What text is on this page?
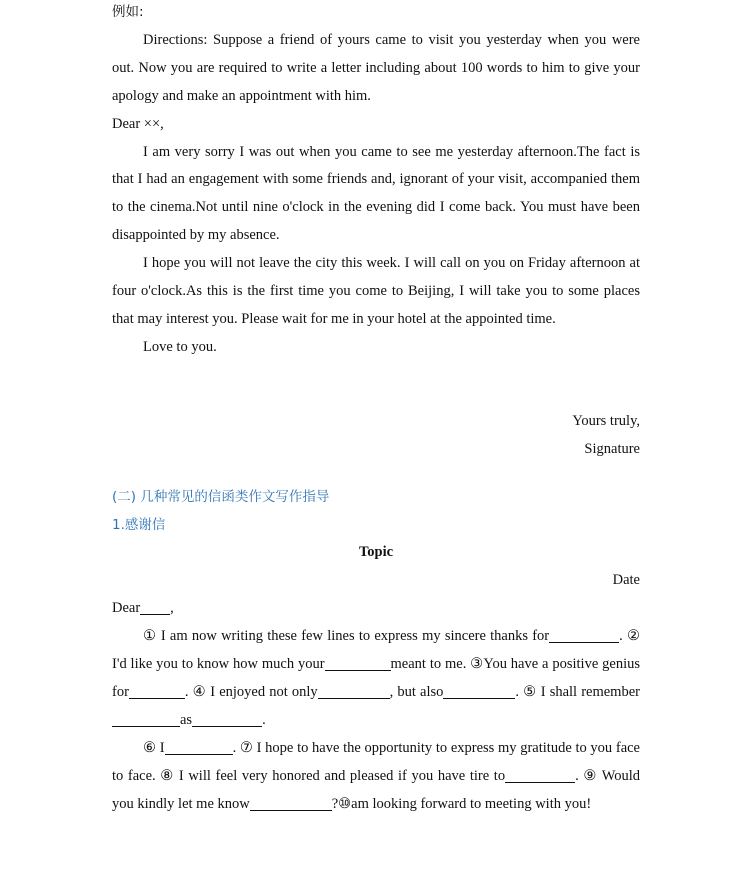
例如:

Directions: Suppose a friend of yours came to visit you yesterday when you were out. Now you are required to write a letter including about 100 words to him to give your apology and make an appointment with him.

Dear ××,

I am very sorry I was out when you came to see me yesterday afternoon.The fact is that I had an engagement with some friends and, ignorant of your visit, accompanied them to the cinema.Not until nine o'clock in the evening did I come back. You must have been disappointed by my absence.

I hope you will not leave the city this week. I will call on you on Friday afternoon at four o'clock.As this is the first time you come to Beijing, I will take you to some places that may interest you. Please wait for me in your hotel at the appointed time.

Love to you.
Yours truly,
Signature
(二) 几种常见的信函类作文写作指导
1.感谢信
Topic
Date
Dear ,

① I am now writing these few lines to express my sincere thanks for	. ② I'd like you to know how much your	meant to me. ③You have a positive genius for	. ④ I enjoyed not only	, but also	. ⑤ I shall rememberas	.

⑥ I	. ⑦ I hope to have the opportunity to express my gratitude to you face to face. ⑧ I will feel very honored and pleased if you have tire to	. ⑨ Would you kindly let me know	?⑩am looking forward to meeting with you!
